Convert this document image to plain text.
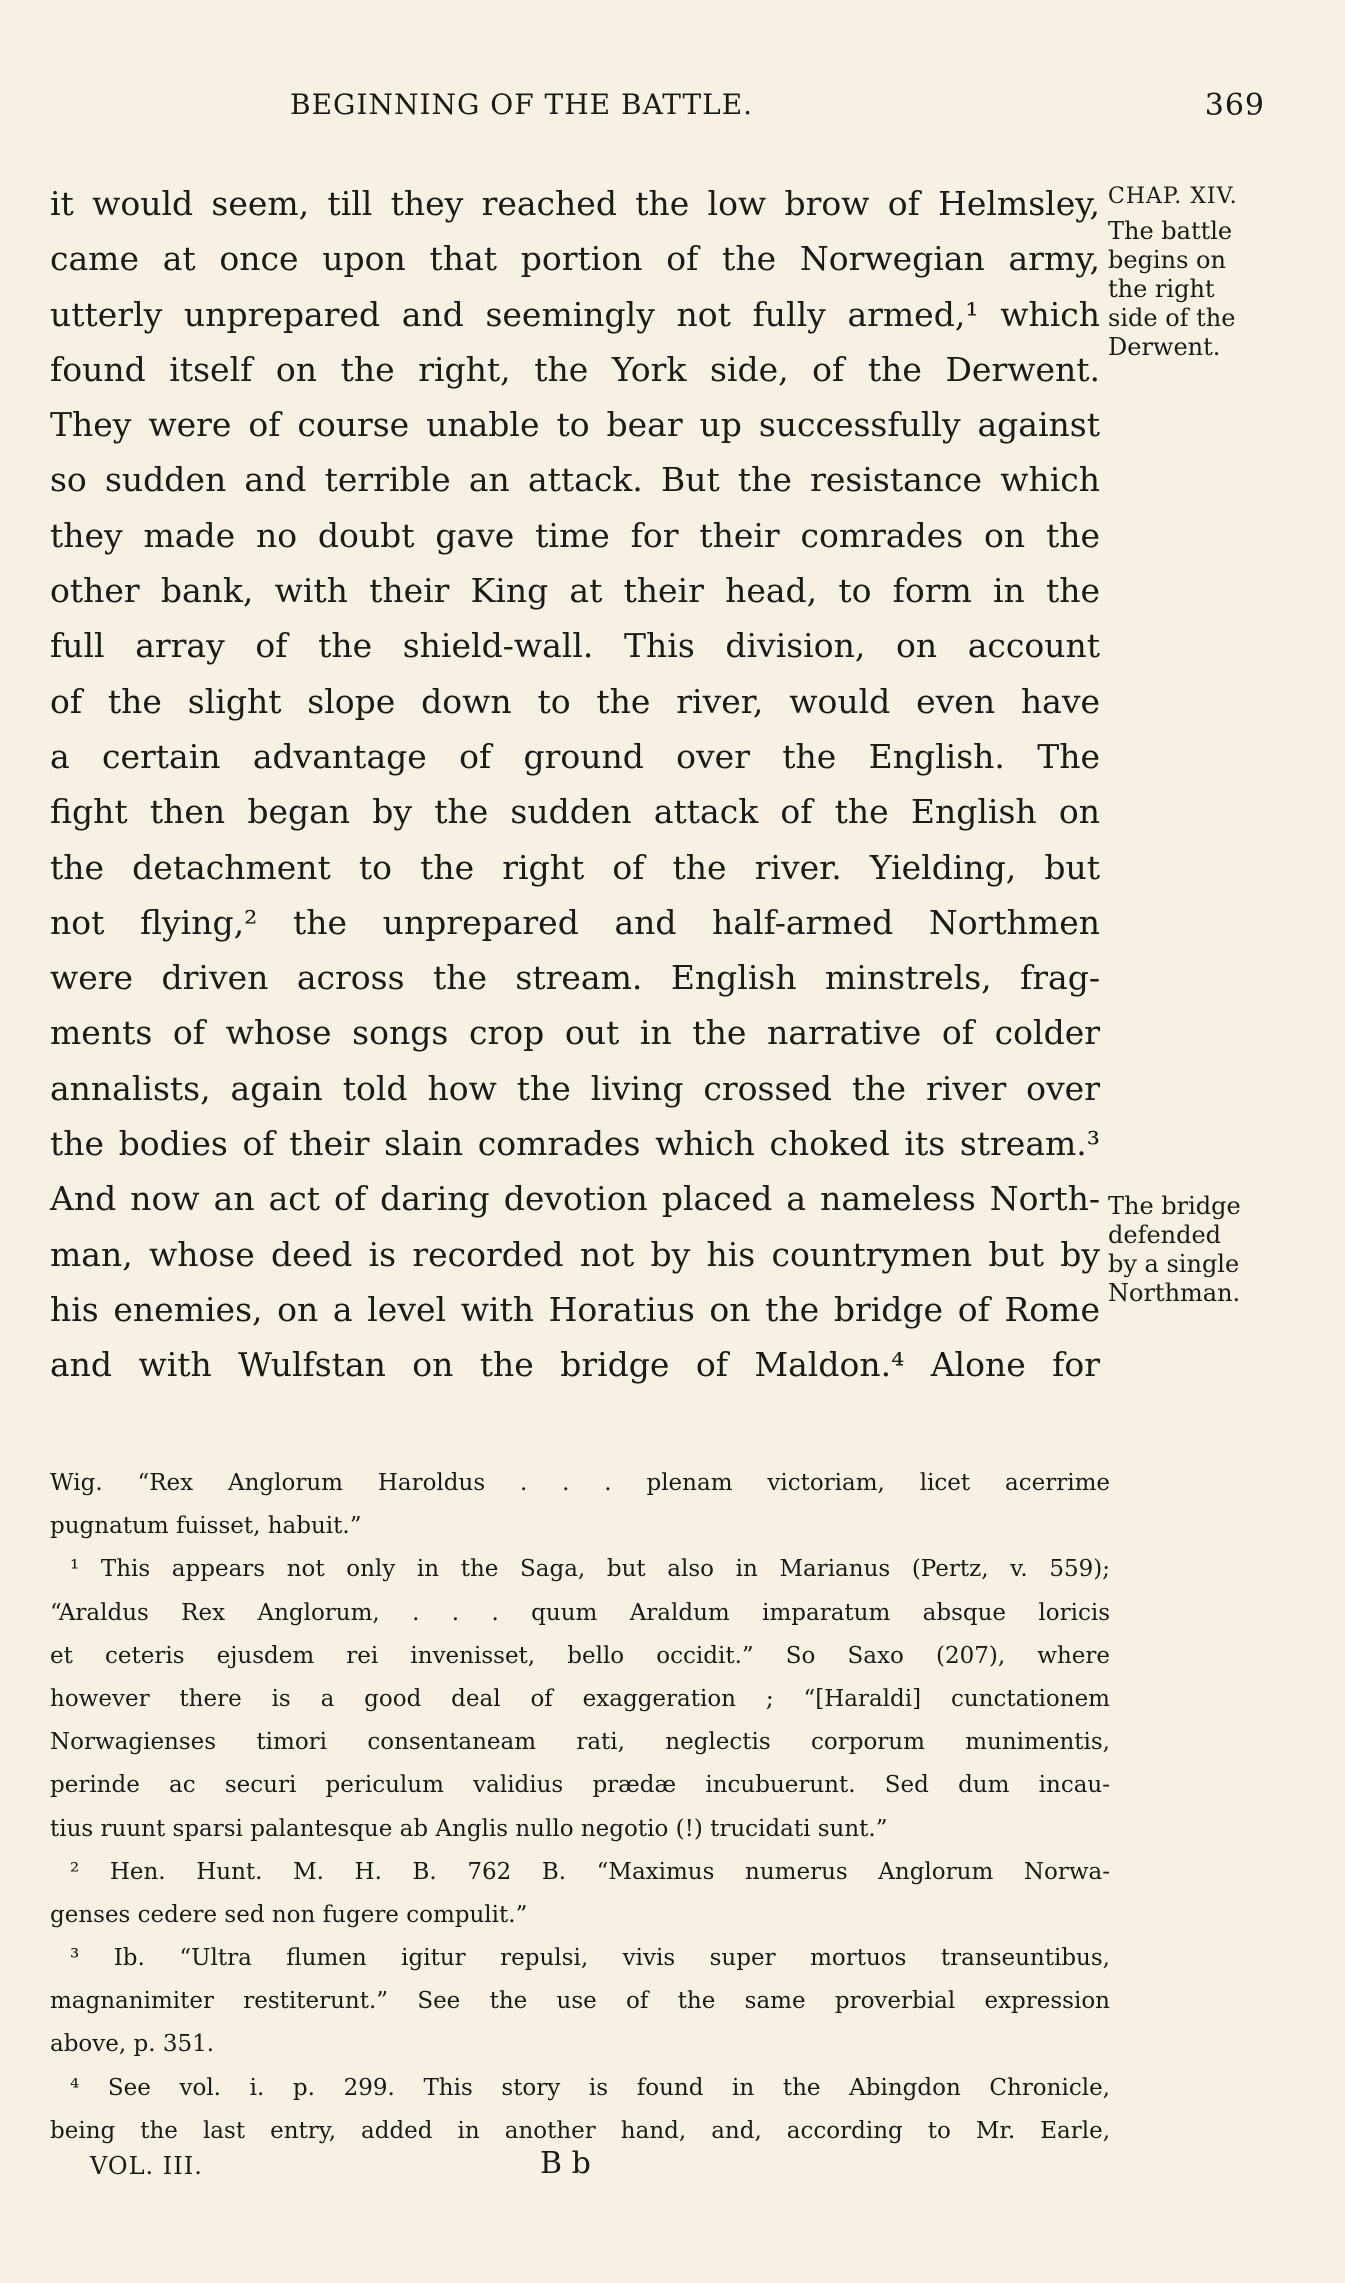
BEGINNING OF THE BATTLE.	369
it would seem, till they reached the low brow of Helmsley,
came at once upon that portion of the Norwegian army,
utterly unprepared and seemingly not fully armed,¹ which
found itself on the right, the York side, of the Derwent.
They were of course unable to bear up successfully against
so sudden and terrible an attack. But the resistance which
they made no doubt gave time for their comrades on the
other bank, with their King at their head, to form in the
full array of the shield-wall. This division, on account
of the slight slope down to the river, would even have
a certain advantage of ground over the English. The
fight then began by the sudden attack of the English on
the detachment to the right of the river. Yielding, but
not flying,² the unprepared and half-armed Northmen
were driven across the stream. English minstrels, frag-
ments of whose songs crop out in the narrative of colder
annalists, again told how the living crossed the river over
the bodies of their slain comrades which choked its stream.³
And now an act of daring devotion placed a nameless North-
man, whose deed is recorded not by his countrymen but by
his enemies, on a level with Horatius on the bridge of Rome
and with Wulfstan on the bridge of Maldon.⁴ Alone for
CHAP. XIV.
The battle
begins on
the right
side of the
Derwent.
The bridge
defended
by a single
Northman.
Wig. “Rex Anglorum Haroldus . . . plenam victoriam, licet acerrime
pugnatum fuisset, habuit.”
¹ This appears not only in the Saga, but also in Marianus (Pertz, v. 559);
“Araldus Rex Anglorum, . . . quum Araldum imparatum absque loricis
et ceteris ejusdem rei invenisset, bello occidit.” So Saxo (207), where
however there is a good deal of exaggeration ; “[Haraldi] cunctationem
Norwagienses timori consentaneam rati, neglectis corporum munimentis,
perinde ac securi periculum validius prædæ incubuerunt. Sed dum incau-
tius ruunt sparsi palantesque ab Anglis nullo negotio (!) trucidati sunt.”
² Hen. Hunt. M. H. B. 762 B. “Maximus numerus Anglorum Norwa-
genses cedere sed non fugere compulit.”
³ Ib. “Ultra flumen igitur repulsi, vivis super mortuos transeuntibus,
magnanimiter restiterunt.” See the use of the same proverbial expression
above, p. 351.
⁴ See vol. i. p. 299. This story is found in the Abingdon Chronicle,
being the last entry, added in another hand, and, according to Mr. Earle,
VOL. III.	B b
